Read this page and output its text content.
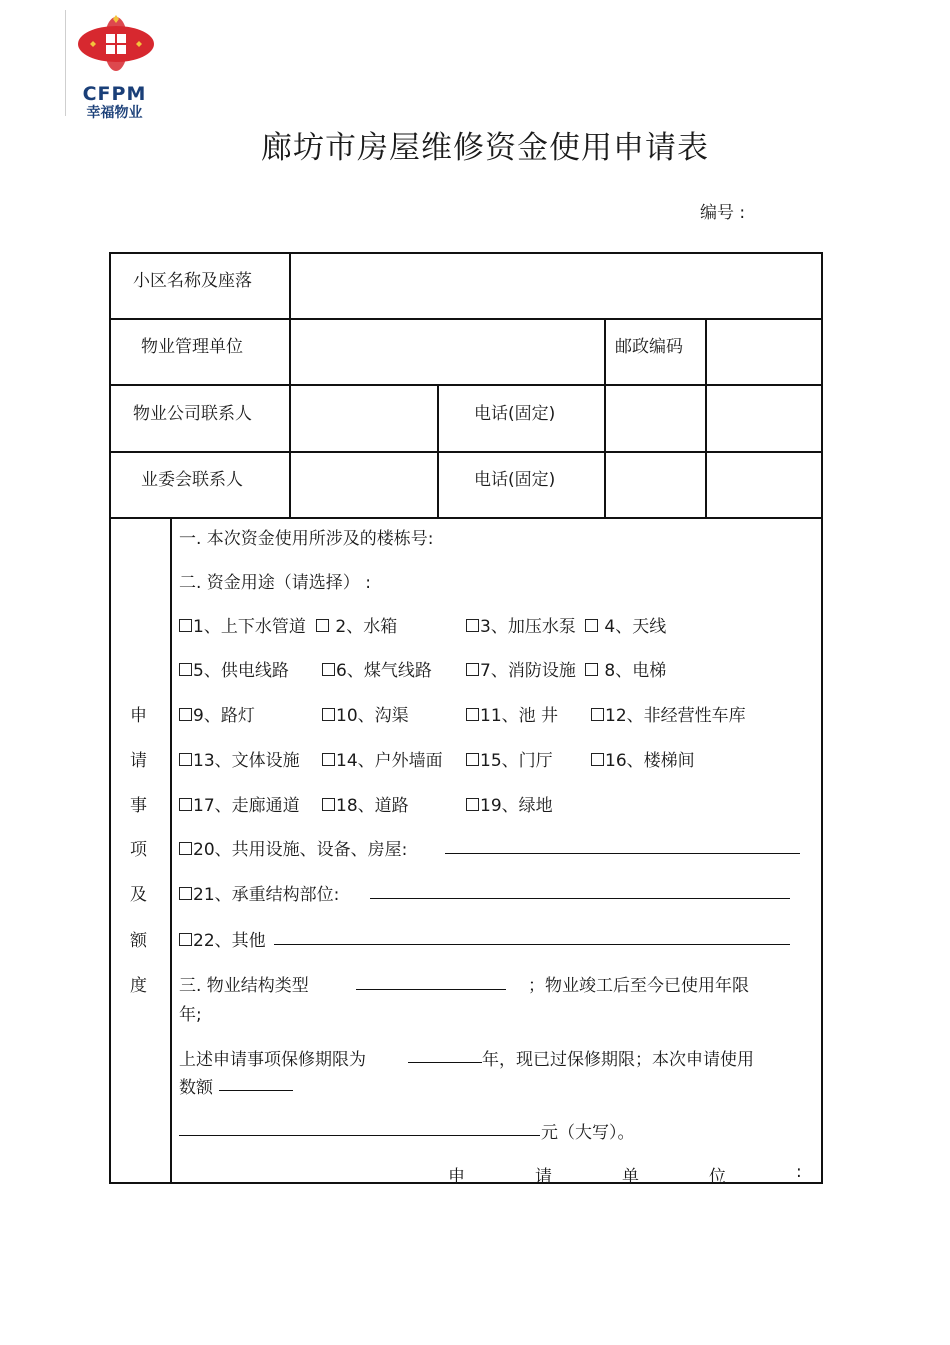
CFPM
幸福物业
廊坊市房屋维修资金使用申请表
编号 :
小区名称及座落
物业管理单位	邮政编码
物业公司联系人	电话(固定)
业委会联系人	电话(固定)
申
请
事
项
及
额
度
一. 本次资金使用所涉及的楼栋号:
二. 资金用途（请选择） :
1、上下水管道	2、水箱	3、加压水泵	4、天线
5、供电线路	6、煤气线路	7、消防设施	8、电梯
9、路灯	10、沟渠	11、池 井	12、非经营性车库
13、文体设施	14、户外墙面	15、门厅	16、楼梯间
17、走廊通道	18、道路	19、绿地
20、共用设施、设备、房屋:
21、承重结构部位:
22、其他
三. 物业结构类型	；物业竣工后至今已使用年限
年;
上述申请事项保修期限为	年，现已过保修期限；本次申请使用
数额
元（大写）。
申	请	单	位	:
